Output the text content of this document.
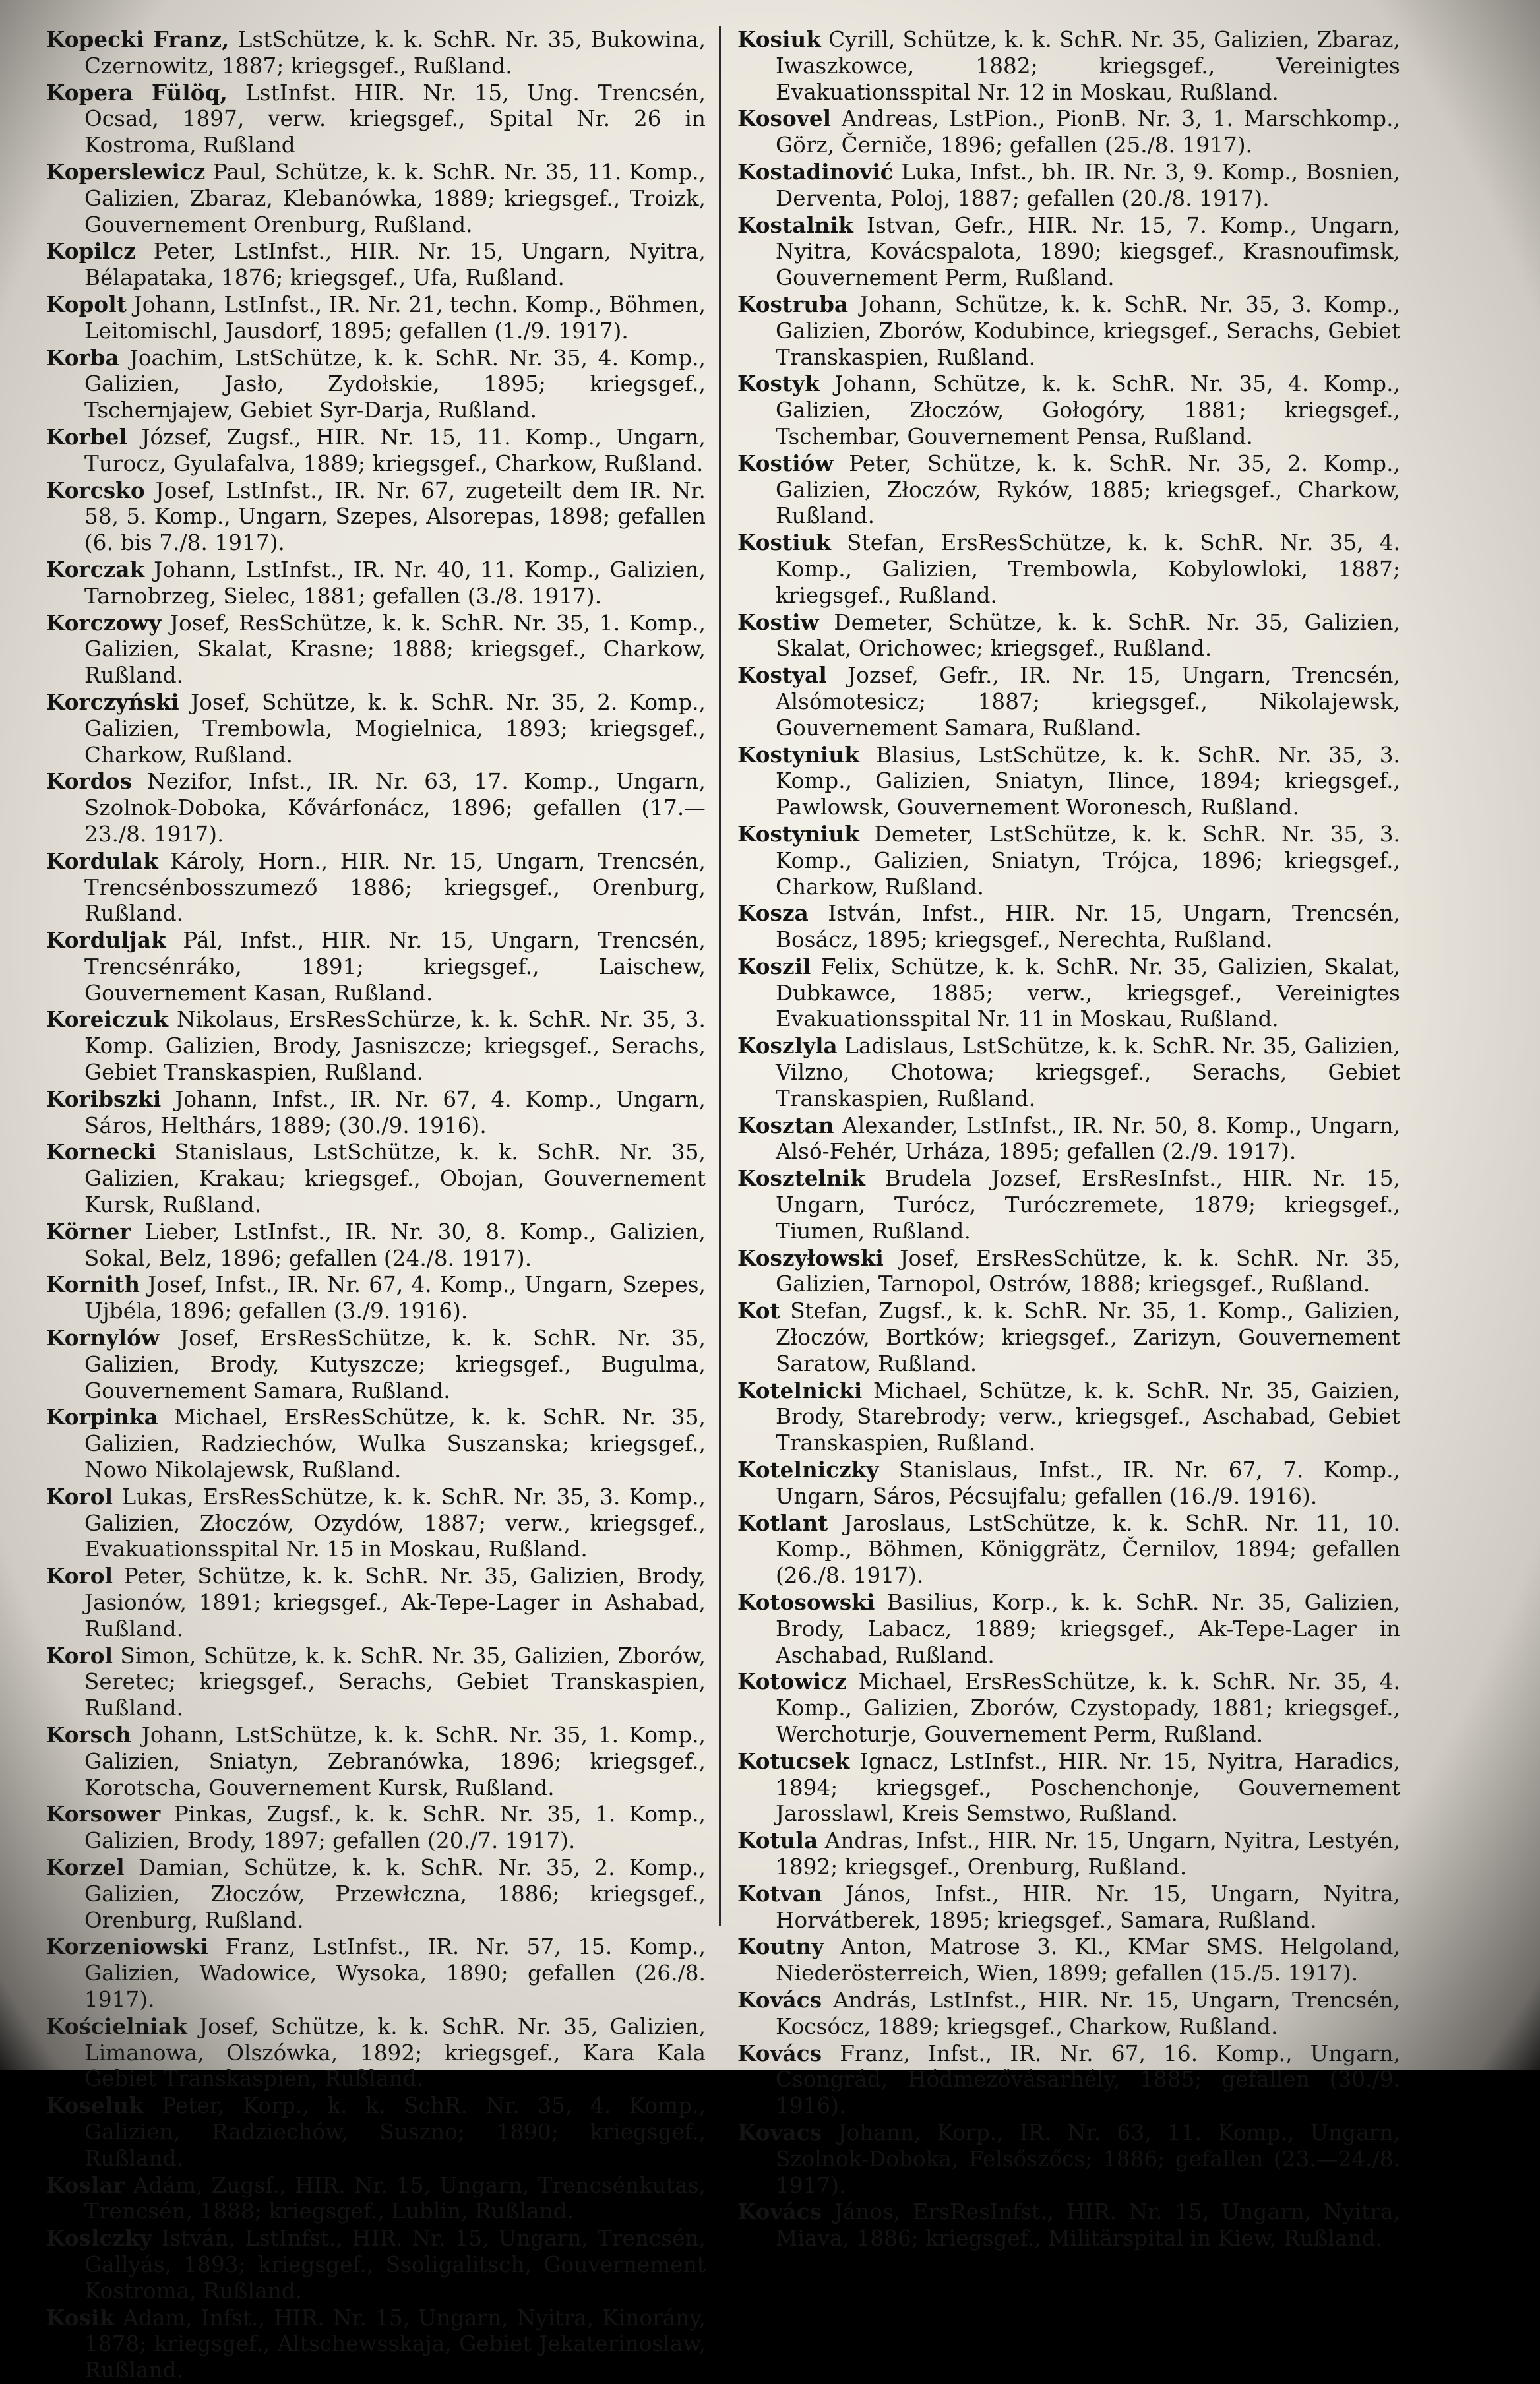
Kopecki Franz, LstSchütze, k. k. SchR. Nr. 35, Bukowina, Czernowitz, 1887; kriegsgef., Rußland.

Kopera Fülöq, LstInfst. HIR. Nr. 15, Ung. Trencsén, Ocsad, 1897, verw. kriegsgef., Spital Nr. 26 in Kostroma, Rußland

Koperslewicz Paul, Schütze, k. k. SchR. Nr. 35, 11. Komp., Galizien, Zbaraz, Klebanówka, 1889; kriegsgef., Troizk, Gouvernement Orenburg, Rußland.

Kopilcz Peter, LstInfst., HIR. Nr. 15, Ungarn, Nyitra, Bélapataka, 1876; kriegsgef., Ufa, Rußland.

Kopolt Johann, LstInfst., IR. Nr. 21, techn. Komp., Böhmen, Leitomischl, Jausdorf, 1895; gefallen (1./9. 1917).

Korba Joachim, LstSchütze, k. k. SchR. Nr. 35, 4. Komp., Galizien, Jasło, Zydołskie, 1895; kriegsgef., Tschernjajew, Gebiet Syr-Darja, Rußland.

Korbel József, Zugsf., HIR. Nr. 15, 11. Komp., Ungarn, Turocz, Gyulafalva, 1889; kriegsgef., Charkow, Rußland.

Korcsko Josef, LstInfst., IR. Nr. 67, zugeteilt dem IR. Nr. 58, 5. Komp., Ungarn, Szepes, Alsorepas, 1898; gefallen (6. bis 7./8. 1917).

Korczak Johann, LstInfst., IR. Nr. 40, 11. Komp., Galizien, Tarnobrzeg, Sielec, 1881; gefallen (3./8. 1917).

Korczowy Josef, ResSchütze, k. k. SchR. Nr. 35, 1. Komp., Galizien, Skalat, Krasne; 1888; kriegsgef., Charkow, Rußland.

Korczyński Josef, Schütze, k. k. SchR. Nr. 35, 2. Komp., Galizien, Trembowla, Mogielnica, 1893; kriegsgef., Charkow, Rußland.

Kordos Nezifor, Infst., IR. Nr. 63, 17. Komp., Ungarn, Szolnok-Doboka, Kővárfonácz, 1896; gefallen (17.—23./8. 1917).

Kordulak Károly, Horn., HIR. Nr. 15, Ungarn, Trencsén, Trencsénbosszumező 1886; kriegsgef., Orenburg, Rußland.

Korduljak Pál, Infst., HIR. Nr. 15, Ungarn, Trencsén, Trencsénráko, 1891; kriegsgef., Laischew, Gouvernement Kasan, Rußland.

Koreiczuk Nikolaus, ErsResSchürze, k. k. SchR. Nr. 35, 3. Komp. Galizien, Brody, Jasniszcze; kriegsgef., Serachs, Gebiet Transkaspien, Rußland.

Koribszki Johann, Infst., IR. Nr. 67, 4. Komp., Ungarn, Sáros, Helthárs, 1889; (30./9. 1916).

Kornecki Stanislaus, LstSchütze, k. k. SchR. Nr. 35, Galizien, Krakau; kriegsgef., Obojan, Gouvernement Kursk, Rußland.

Körner Lieber, LstInfst., IR. Nr. 30, 8. Komp., Galizien, Sokal, Belz, 1896; gefallen (24./8. 1917).

Kornith Josef, Infst., IR. Nr. 67, 4. Komp., Ungarn, Szepes, Ujbéla, 1896; gefallen (3./9. 1916).

Kornylów Josef, ErsResSchütze, k. k. SchR. Nr. 35, Galizien, Brody, Kutyszcze; kriegsgef., Bugulma, Gouvernement Samara, Rußland.

Korpinka Michael, ErsResSchütze, k. k. SchR. Nr. 35, Galizien, Radziechów, Wulka Suszanska; kriegsgef., Nowo Nikolajewsk, Rußland.

Korol Lukas, ErsResSchütze, k. k. SchR. Nr. 35, 3. Komp., Galizien, Złoczów, Ozydów, 1887; verw., kriegsgef., Evakuationsspital Nr. 15 in Moskau, Rußland.

Korol Peter, Schütze, k. k. SchR. Nr. 35, Galizien, Brody, Jasionów, 1891; kriegsgef., Ak-Tepe-Lager in Ashabad, Rußland.

Korol Simon, Schütze, k. k. SchR. Nr. 35, Galizien, Zborów, Seretec; kriegsgef., Serachs, Gebiet Transkaspien, Rußland.

Korsch Johann, LstSchütze, k. k. SchR. Nr. 35, 1. Komp., Galizien, Sniatyn, Zebranówka, 1896; kriegsgef., Korotscha, Gouvernement Kursk, Rußland.

Korsower Pinkas, Zugsf., k. k. SchR. Nr. 35, 1. Komp., Galizien, Brody, 1897; gefallen (20./7. 1917).

Korzel Damian, Schütze, k. k. SchR. Nr. 35, 2. Komp., Galizien, Złoczów, Przewłczna, 1886; kriegsgef., Orenburg, Rußland.

Korzeniowski Franz, LstInfst., IR. Nr. 57, 15. Komp., Galizien, Wadowice, Wysoka, 1890; gefallen (26./8. 1917).

Kościelniak Josef, Schütze, k. k. SchR. Nr. 35, Galizien, Limanowa, Olszówka, 1892; kriegsgef., Kara Kala Gebiet Transkaspien, Rußland.

Koseluk Peter, Korp., k. k. SchR. Nr. 35, 4. Komp., Galizien, Radziechów, Suszno; 1890; kriegsgef., Rußland.

Koslar Adám, Zugsf., HIR. Nr. 15, Ungarn, Trencsénkutas, Trencsén, 1888; kriegsgef., Lublin, Rußland.

Koslczky István, LstInfst., HIR. Nr. 15, Ungarn, Trencsén, Gallyás, 1893; kriegsgef., Ssoligalitsch, Gouvernement Kostroma, Rußland.

Kosik Adam, Infst., HIR. Nr. 15, Ungarn, Nyitra, Kinorány, 1878; kriegsgef., Altschewsskaja, Gebiet Jekaterinoslaw, Rußland.

Kosiuk Cyrill, Schütze, k. k. SchR. Nr. 35, Galizien, Zbaraz, Iwaszkowce, 1882; kriegsgef., Vereinigtes Evakuationsspital Nr. 12 in Moskau, Rußland.

Kosovel Andreas, LstPion., PionB. Nr. 3, 1. Marschkomp., Görz, Černiče, 1896; gefallen (25./8. 1917).

Kostadinović Luka, Infst., bh. IR. Nr. 3, 9. Komp., Bosnien, Derventa, Poloj, 1887; gefallen (20./8. 1917).

Kostalnik Istvan, Gefr., HIR. Nr. 15, 7. Komp., Ungarn, Nyitra, Kovácspalota, 1890; kiegsgef., Krasnoufimsk, Gouvernement Perm, Rußland.

Kostruba Johann, Schütze, k. k. SchR. Nr. 35, 3. Komp., Galizien, Zborów, Kodubince, kriegsgef., Serachs, Gebiet Transkaspien, Rußland.

Kostyk Johann, Schütze, k. k. SchR. Nr. 35, 4. Komp., Galizien, Złoczów, Gołogóry, 1881; kriegsgef., Tschembar, Gouvernement Pensa, Rußland.

Kostiów Peter, Schütze, k. k. SchR. Nr. 35, 2. Komp., Galizien, Złoczów, Ryków, 1885; kriegsgef., Charkow, Rußland.

Kostiuk Stefan, ErsResSchütze, k. k. SchR. Nr. 35, 4. Komp., Galizien, Trembowla, Kobylowloki, 1887; kriegsgef., Rußland.

Kostiw Demeter, Schütze, k. k. SchR. Nr. 35, Galizien, Skalat, Orichowec; kriegsgef., Rußland.

Kostyal Jozsef, Gefr., IR. Nr. 15, Ungarn, Trencsén, Alsómotesicz; 1887; kriegsgef., Nikolajewsk, Gouvernement Samara, Rußland.

Kostyniuk Blasius, LstSchütze, k. k. SchR. Nr. 35, 3. Komp., Galizien, Sniatyn, Ilince, 1894; kriegsgef., Pawlowsk, Gouvernement Woronesch, Rußland.

Kostyniuk Demeter, LstSchütze, k. k. SchR. Nr. 35, 3. Komp., Galizien, Sniatyn, Trójca, 1896; kriegsgef., Charkow, Rußland.

Kosza István, Infst., HIR. Nr. 15, Ungarn, Trencsén, Bosácz, 1895; kriegsgef., Nerechta, Rußland.

Koszil Felix, Schütze, k. k. SchR. Nr. 35, Galizien, Skalat, Dubkawce, 1885; verw., kriegsgef., Vereinigtes Evakuationsspital Nr. 11 in Moskau, Rußland.

Koszlyla Ladislaus, LstSchütze, k. k. SchR. Nr. 35, Galizien, Vilzno, Chotowa; kriegsgef., Serachs, Gebiet Transkaspien, Rußland.

Kosztan Alexander, LstInfst., IR. Nr. 50, 8. Komp., Ungarn, Alsó-Fehér, Urháza, 1895; gefallen (2./9. 1917).

Kosztelnik Brudela Jozsef, ErsResInfst., HIR. Nr. 15, Ungarn, Turócz, Turóczremete, 1879; kriegsgef., Tiumen, Rußland.

Koszyłowski Josef, ErsResSchütze, k. k. SchR. Nr. 35, Galizien, Tarnopol, Ostrów, 1888; kriegsgef., Rußland.

Kot Stefan, Zugsf., k. k. SchR. Nr. 35, 1. Komp., Galizien, Złoczów, Bortków; kriegsgef., Zarizyn, Gouvernement Saratow, Rußland.

Kotelnicki Michael, Schütze, k. k. SchR. Nr. 35, Gaizien, Brody, Starebrody; verw., kriegsgef., Aschabad, Gebiet Transkaspien, Rußland.

Kotelniczky Stanislaus, Infst., IR. Nr. 67, 7. Komp., Ungarn, Sáros, Pécsujfalu; gefallen (16./9. 1916).

Kotlant Jaroslaus, LstSchütze, k. k. SchR. Nr. 11, 10. Komp., Böhmen, Königgrätz, Černilov, 1894; gefallen (26./8. 1917).

Kotosowski Basilius, Korp., k. k. SchR. Nr. 35, Galizien, Brody, Labacz, 1889; kriegsgef., Ak-Tepe-Lager in Aschabad, Rußland.

Kotowicz Michael, ErsResSchütze, k. k. SchR. Nr. 35, 4. Komp., Galizien, Zborów, Czystopady, 1881; kriegsgef., Werchoturje, Gouvernement Perm, Rußland.

Kotucsek Ignacz, LstInfst., HIR. Nr. 15, Nyitra, Haradics, 1894; kriegsgef., Poschenchonje, Gouvernement Jarosslawl, Kreis Semstwo, Rußland.

Kotula Andras, Infst., HIR. Nr. 15, Ungarn, Nyitra, Lestyén, 1892; kriegsgef., Orenburg, Rußland.

Kotvan János, Infst., HIR. Nr. 15, Ungarn, Nyitra, Horvátberek, 1895; kriegsgef., Samara, Rußland.

Koutny Anton, Matrose 3. Kl., KMar SMS. Helgoland, Niederösterreich, Wien, 1899; gefallen (15./5. 1917).

Kovács András, LstInfst., HIR. Nr. 15, Ungarn, Trencsén, Kocsócz, 1889; kriegsgef., Charkow, Rußland.

Kovács Franz, Infst., IR. Nr. 67, 16. Komp., Ungarn, Csongrád, Hódmezővásarhély, 1885; gefallen (30./9. 1916).

Kovacs Johann, Korp., IR. Nr. 63, 11. Komp., Ungarn, Szolnok-Doboka, Felsőszőcs; 1886; gefallen (23.—24./8. 1917).

Kovács János, ErsResInfst., HIR. Nr. 15, Ungarn, Nyitra, Miava, 1886; kriegsgef., Militärspital in Kiew, Rußland.
